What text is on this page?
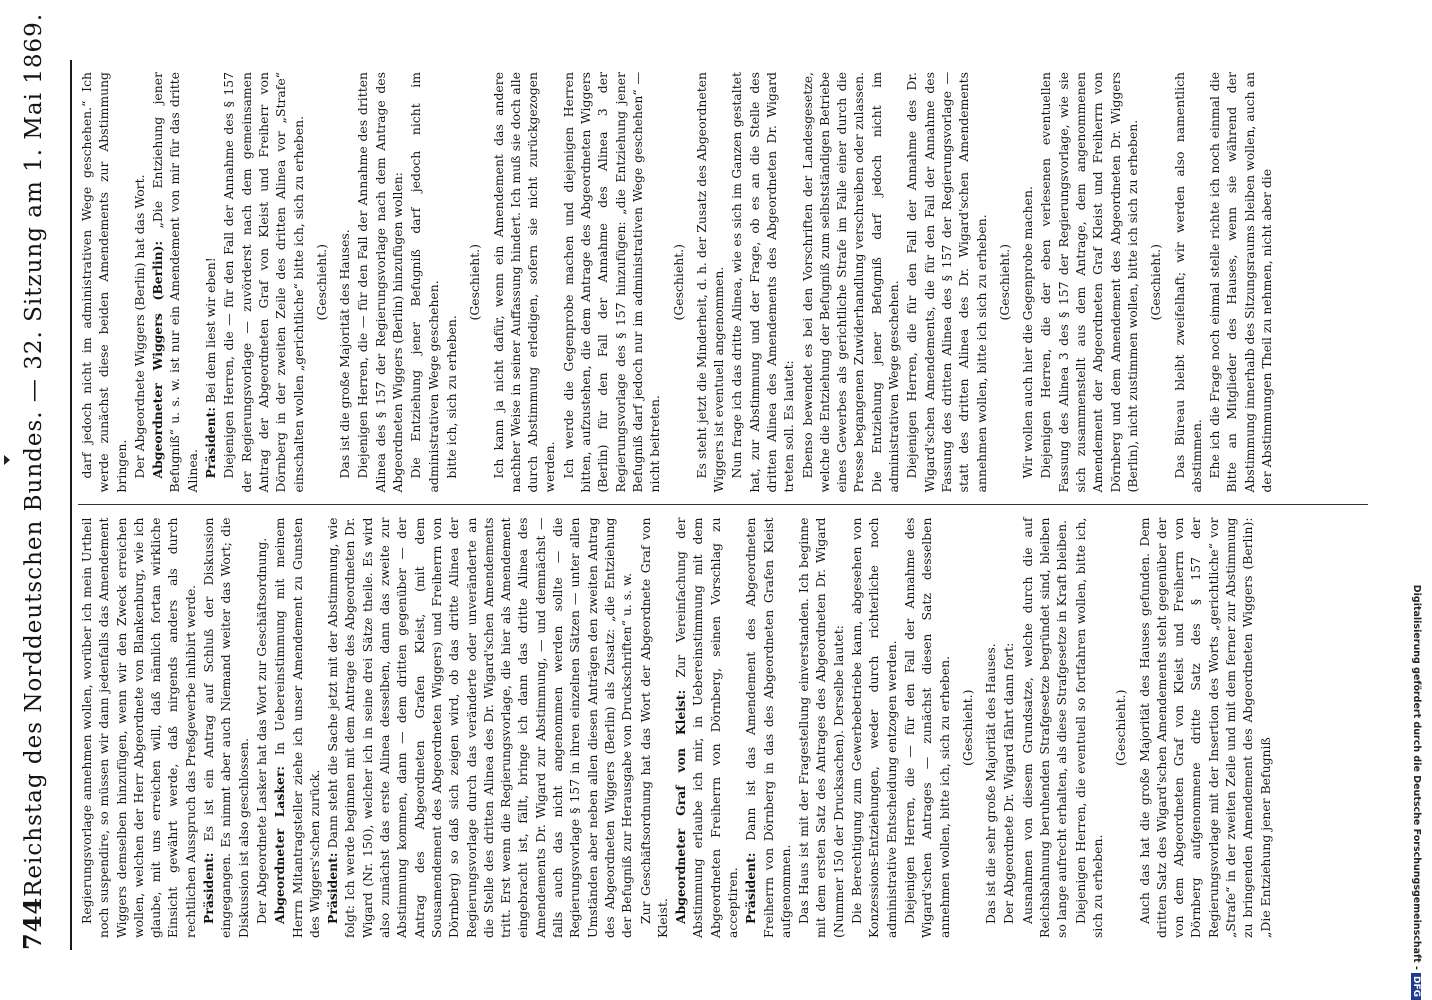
744
Reichstag des Norddeutschen Bundes. — 32. Sitzung am 1. Mai 1869.	Regierungsvorlage annehmen wollen, worüber ich mein Urtheil noch suspendire, so müssen wir dann jedenfalls das Amendement Wiggers demselben hinzufügen, wenn wir den Zweck erreichen wollen, welchen der Herr Abgeordnete von Blankenburg, wie ich glaube, mit uns erreichen will, daß nämlich fortan wirkliche Einsicht gewährt werde, daß nirgends anders als durch rechtlichen Ausspruch das Preßgewerbe inhibirt werde. Präsident: Es ist ein Antrag auf Schluß der Diskussion eingegangen. Es nimmt aber auch Niemand weiter das Wort; die Diskussion ist also geschlossen. Der Abgeordnete Lasker hat das Wort zur Geschäftsordnung. Abgeordneter Lasker: In Uebereinstimmung mit meinem Herrn Mitantragsteller ziehe ich unser Amendement zu Gunsten des Wiggers'schen zurück. Präsident: Dann steht die Sache jetzt mit der Abstimmung, wie folgt: Ich werde beginnen mit dem Antrage des Abgeordneten Dr. Wigard (Nr. 150), welcher ich in seine drei Sätze theile. Es wird also zunächst das erste Alinea desselben, dann das zweite zur Abstimmung kommen, dann — dem dritten gegenüber — der Antrag des Abgeordneten Grafen Kleist, (mit dem Sousamendement des Abgeordneten Wiggers) und Freiherrn von Dörnberg) so daß sich zeigen wird, ob das dritte Alinea der Regierungsvorlage durch das veränderte oder unveränderte an die Stelle des dritten Alinea des Dr. Wigard'schen Amendements tritt. Erst wenn die Regierungsvorlage, die hier als Amendement eingebracht ist, fällt, bringe ich dann das dritte Alinea des Amendements Dr. Wigard zur Abstimmung, — und demnächst — falls auch das nicht angenommen werden sollte — die Regierungsvorlage § 157 in ihren einzelnen Sätzen — unter allen Umständen aber neben allen diesen Anträgen den zweiten Antrag des Abgeordneten Wiggers (Berlin) als Zusatz: „die Entziehung der Befugniß zur Herausgabe von Druckschriften“ u. s. w. Zur Geschäftsordnung hat das Wort der Abgeordnete Graf von Kleist. Abgeordneter Graf von Kleist: Zur Vereinfachung der Abstimmung erlaube ich mir, in Uebereinstimmung mit dem Abgeordneten Freiherrn von Dörnberg, seinen Vorschlag zu acceptiren. Präsident: Dann ist das Amendement des Abgeordneten Freiherrn von Dörnberg in das des Abgeordneten Grafen Kleist aufgenommen. Das Haus ist mit der Fragestellung einverstanden. Ich beginne mit dem ersten Satz des Antrages des Abgeordneten Dr. Wigard (Nummer 150 der Drucksachen). Derselbe lautet: Die Berechtigung zum Gewerbebetriebe kann, abgesehen von Konzessions-Entziehungen, weder durch richterliche noch administrative Entscheidung entzogen werden. Diejenigen Herren, die — für den Fall der Annahme des Wigard'schen Antrages — zunächst diesen Satz desselben annehmen wollen, bitte ich, sich zu erheben. (Geschieht.) Das ist die sehr große Majorität des Hauses. Der Abgeordnete Dr. Wigard fährt dann fort: Ausnahmen von diesem Grundsatze, welche durch die auf Reichsbahnung beruhenden Strafgesetze begründet sind, bleiben so lange aufrecht erhalten, als diese Strafgesetze in Kraft bleiben. Diejenigen Herren, die eventuell so fortfahren wollen, bitte ich, sich zu erheben.

(Geschieht.) Auch das hat die große Majorität des Hauses gefunden. Dem dritten Satz des Wigard'schen Amendements steht gegenüber der von dem Abgeordneten Graf von Kleist und Freiherrn von Dörnberg aufgenommene dritte Satz des § 157 der Regierungsvorlage mit der Insertion des Worts „gerichtliche“ vor „Strafe“ in der zweiten Zeile und mit dem ferner zur Abstimmung zu bringenden Amendement des Abgeordneten Wiggers (Berlin): „Die Entziehung jener Befugniß

darf jedoch nicht im administrativen Wege geschehen.“ Ich werde zunächst diese beiden Amendements zur Abstimmung bringen. Der Abgeordnete Wiggers (Berlin) hat das Wort. Abgeordneter Wiggers (Berlin): „Die Entziehung jener Befugniß“ u. s. w. ist nur ein Amendement von mir für das dritte Alinea. Präsident: Bei dem liest wir eben! Diejenigen Herren, die — für den Fall der Annahme des § 157 der Regierungsvorlage — zuvörderst nach dem gemeinsamen Antrag der Abgeordneten Graf von Kleist und Freiherr von Dörnberg in der zweiten Zeile des dritten Alinea vor „Strafe“ einschalten wollen „gerichtliche“ bitte ich, sich zu erheben. (Geschieht.) Das ist die große Majorität des Hauses. Diejenigen Herren, die — für den Fall der Annahme des dritten Alinea des § 157 der Regierungsvorlage nach dem Antrage des Abgeordneten Wiggers (Berlin) hinzufügen wollen: Die Entziehung jener Befugniß darf jedoch nicht im administrativen Wege geschehen. bitte ich, sich zu erheben.

(Geschieht.) Ich kann ja nicht dafür, wenn ein Amendement das andere nachher Weise in seiner Auffassung hindert. Ich muß sie doch alle durch Abstimmung erledigen, sofern sie nicht zurückgezogen werden. Ich werde die Gegenprobe machen und diejenigen Herren bitten, aufzustehen, die dem Antrage des Abgeordneten Wiggers (Berlin) für den Fall der Annahme des Alinea 3 der Regierungsvorlage des § 157 hinzufügen: „die Entziehung jener Befugniß darf jedoch nur im administrativen Wege geschehen“ — nicht beitreten.

(Geschieht.) Es steht jetzt die Minderheit, d. h. der Zusatz des Abgeordneten Wiggers ist eventuell angenommen. Nun frage ich das dritte Alinea, wie es sich im Ganzen gestaltet hat, zur Abstimmung und der Frage, ob es an die Stelle des dritten Alinea des Amendements des Abgeordneten Dr. Wigard treten soll. Es lautet: Ebenso bewendet es bei den Vorschriften der Landesgesetze, welche die Entziehung der Befugniß zum selbstständigen Betriebe eines Gewerbes als gerichtliche Strafe im Falle einer durch die Presse begangenen Zuwiderhandlung verschreiben oder zulassen. Die Entziehung jener Befugniß darf jedoch nicht im administrativen Wege geschehen. Diejenigen Herren, die für den Fall der Annahme des Dr. Wigard'schen Amendements, die für den Fall der Annahme des Fassung des dritten Alinea des § 157 der Regierungsvorlage — statt des dritten Alinea des Dr. Wigard'schen Amendements annehmen wollen, bitte ich sich zu erheben. (Geschieht.) Wir wollen auch hier die Gegenprobe machen. Diejenigen Herren, die der eben verlesenen eventuellen Fassung des Alinea 3 des § 157 der Regierungsvorlage, wie sie sich zusammenstellt aus dem Antrage, dem angenommenen Amendement der Abgeordneten Graf Kleist und Freiherrn von Dörnberg und dem Amendement des Abgeordneten Dr. Wiggers (Berlin), nicht zustimmen wollen, bitte ich sich zu erheben. (Geschieht.) Das Büreau bleibt zweifelhaft; wir werden also namentlich abstimmen. Ehe ich die Frage noch einmal stelle richte ich noch einmal die Bitte an Mitglieder des Hauses, wenn sie während der Abstimmung innerhalb des Sitzungsraums bleiben wollen, auch an der Abstimmungen Theil zu nehmen, nicht aber die

Digitalisierung gefördert durch die Deutsche Forschungsgemeinschaft -DFG
